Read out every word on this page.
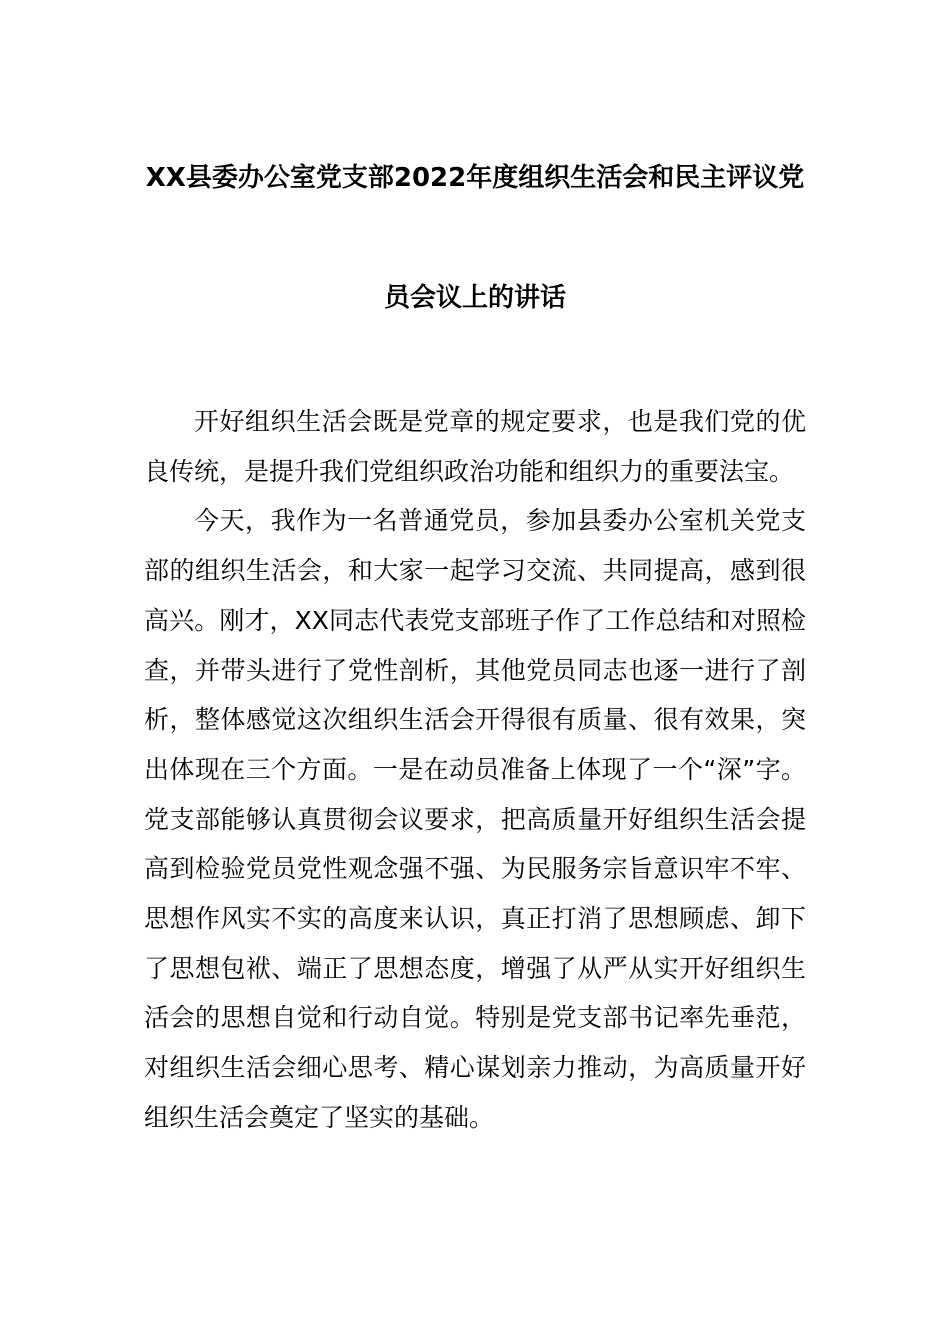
XX县委办公室党支部2022年度组织生活会和民主评议党
员会议上的讲话

开好组织生活会既是党章的规定要求，也是我们党的优良传统，是提升我们党组织政治功能和组织力的重要法宝。

今天，我作为一名普通党员，参加县委办公室机关党支部的组织生活会，和大家一起学习交流、共同提高，感到很高兴。刚才，XX同志代表党支部班子作了工作总结和对照检查，并带头进行了党性剖析，其他党员同志也逐一进行了剖析，整体感觉这次组织生活会开得很有质量、很有效果，突出体现在三个方面。一是在动员准备上体现了一个“深”字。党支部能够认真贯彻会议要求，把高质量开好组织生活会提高到检验党员党性观念强不强、为民服务宗旨意识牢不牢、思想作风实不实的高度来认识，真正打消了思想顾虑、卸下了思想包袱、端正了思想态度，增强了从严从实开好组织生活会的思想自觉和行动自觉。特别是党支部书记率先垂范，对组织生活会细心思考、精心谋划亲力推动，为高质量开好组织生活会奠定了坚实的基础。
